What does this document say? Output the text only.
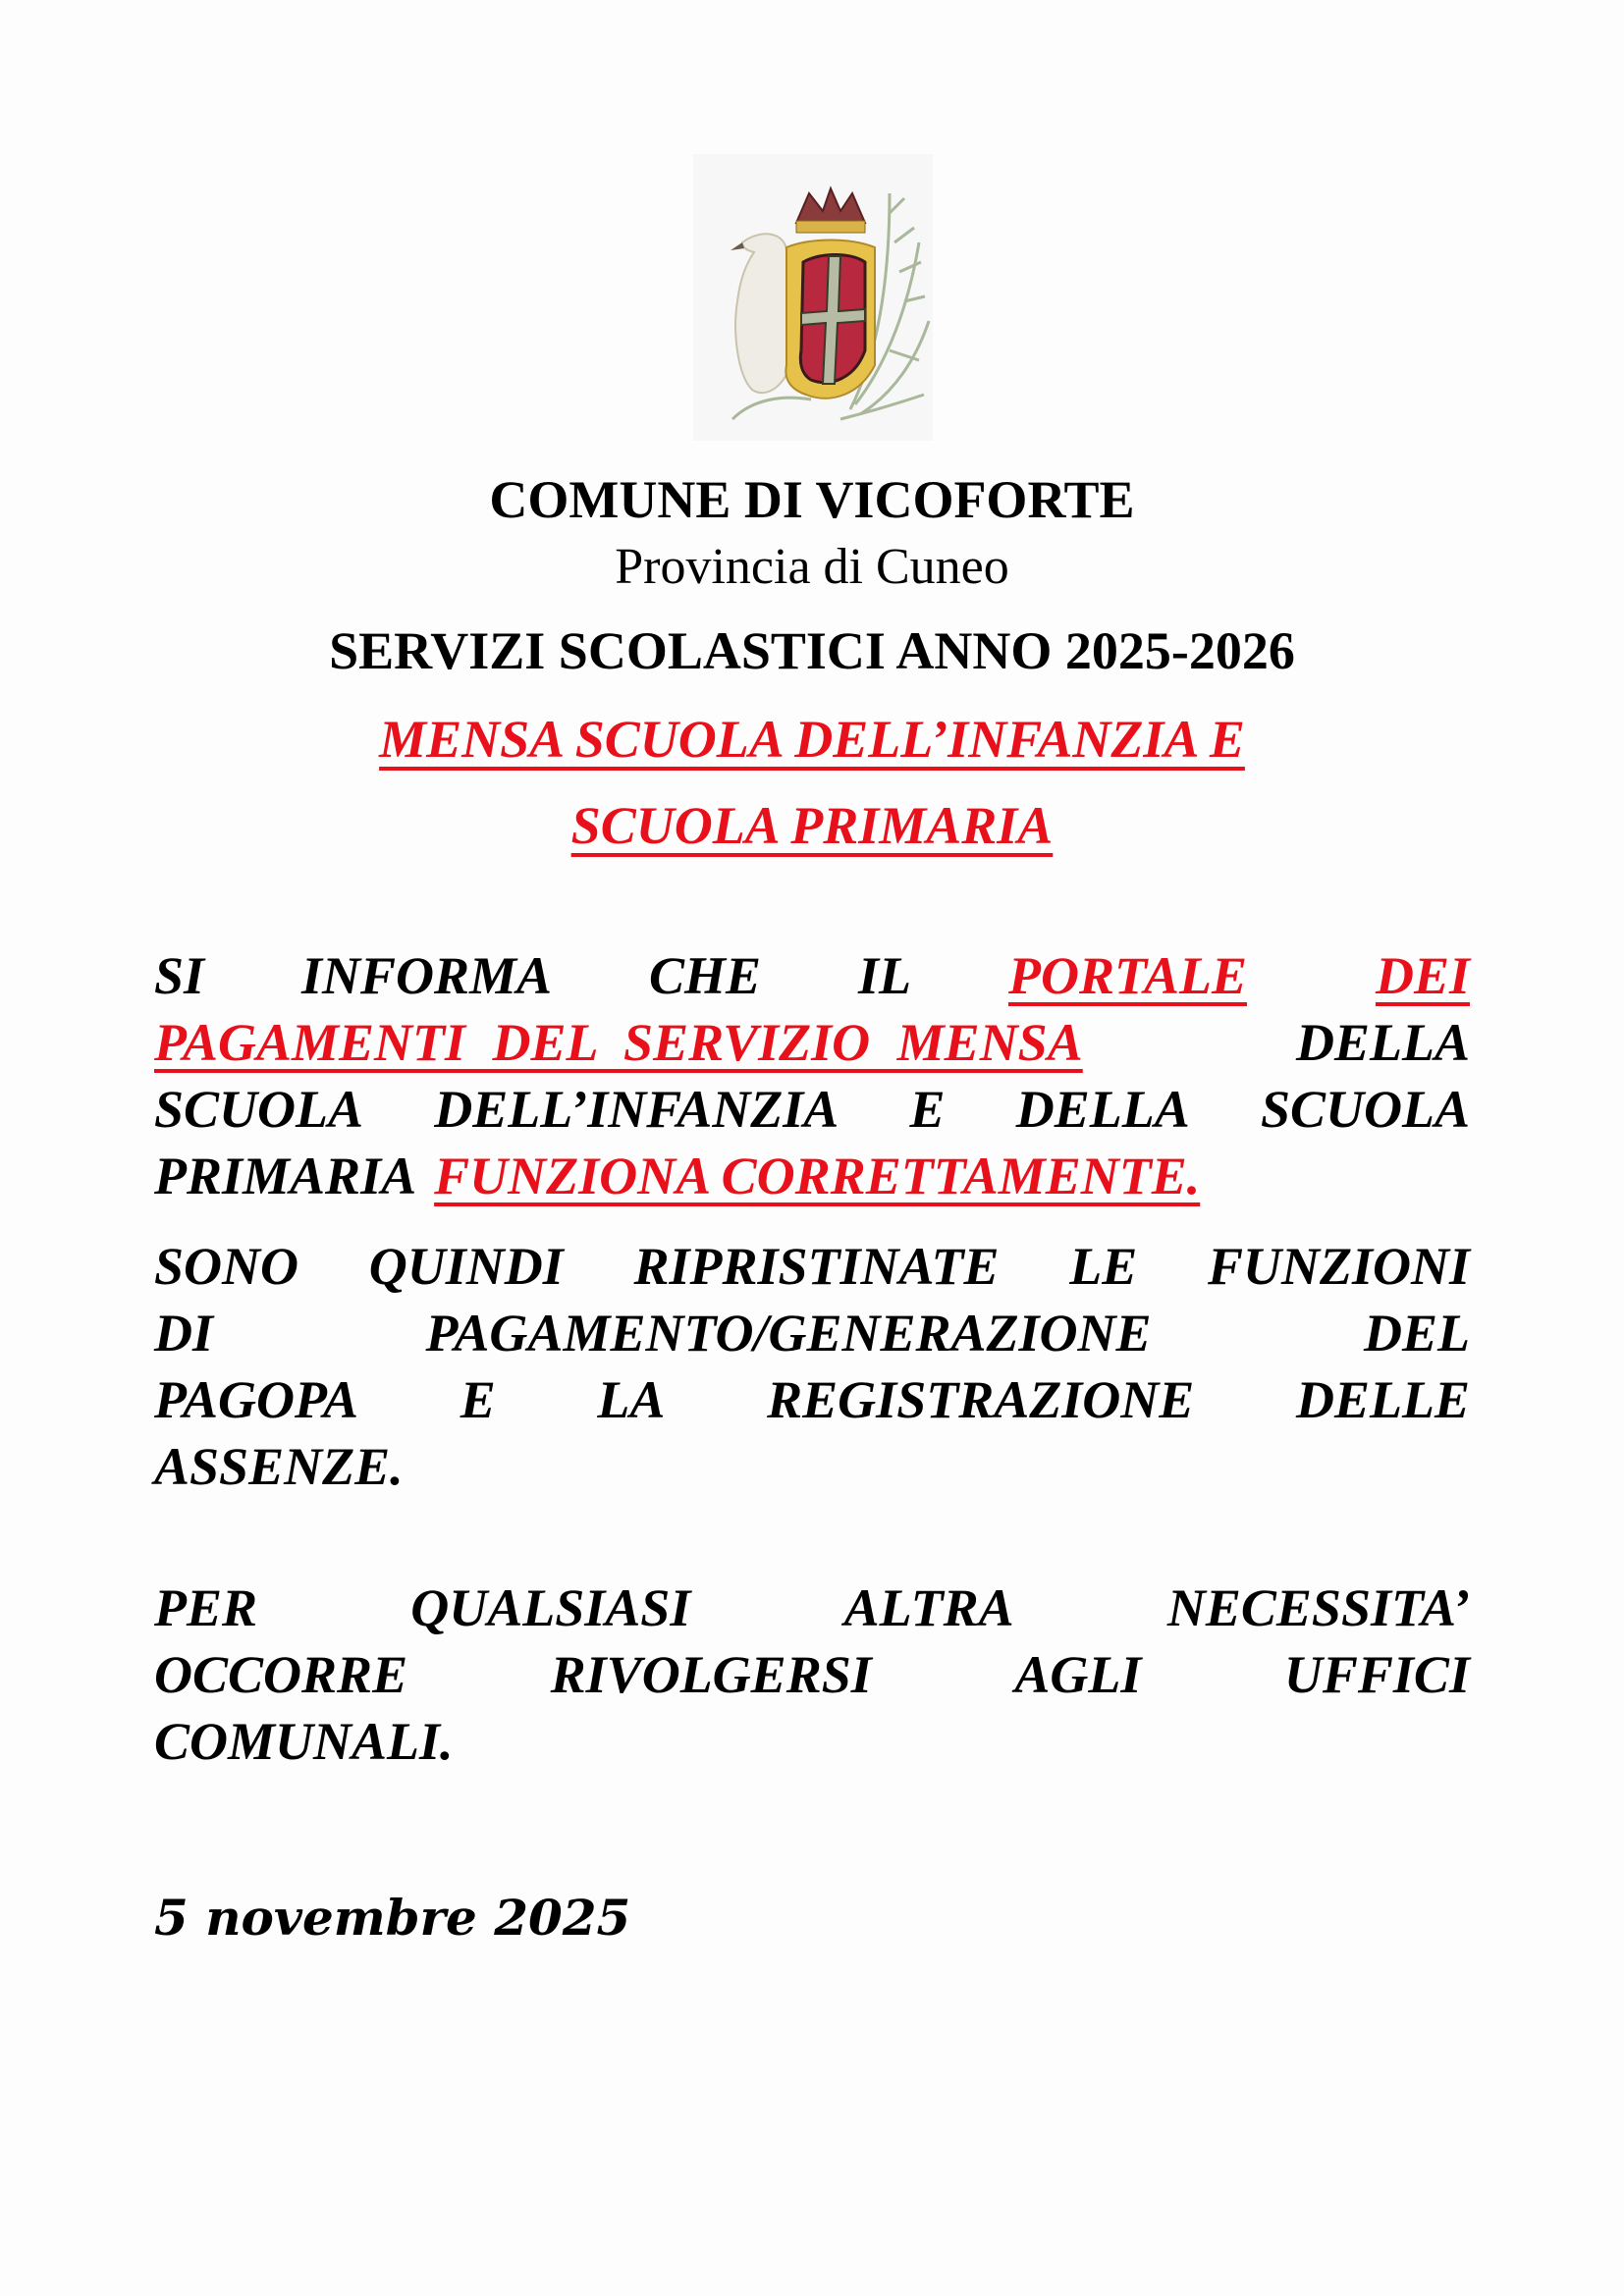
COMUNE DI VICOFORTE
Provincia di Cuneo
SERVIZI SCOLASTICI ANNO 2025-2026
MENSA SCUOLA DELL’INFANZIA E
SCUOLA PRIMARIA
SI INFORMA CHE IL PORTALE DEI
PAGAMENTI DEL SERVIZIO MENSA	DELLA
SCUOLA DELL’INFANZIA E DELLA SCUOLA
PRIMARIA FUNZIONA CORRETTAMENTE.
SONO QUINDI RIPRISTINATE LE FUNZIONI
DI	PAGAMENTO/GENERAZIONE	DEL
PAGOPA E LA REGISTRAZIONE DELLE
ASSENZE.
PER	QUALSIASI	ALTRA	NECESSITA’
OCCORRE	RIVOLGERSI	AGLI	UFFICI
COMUNALI.
5 novembre 2025
